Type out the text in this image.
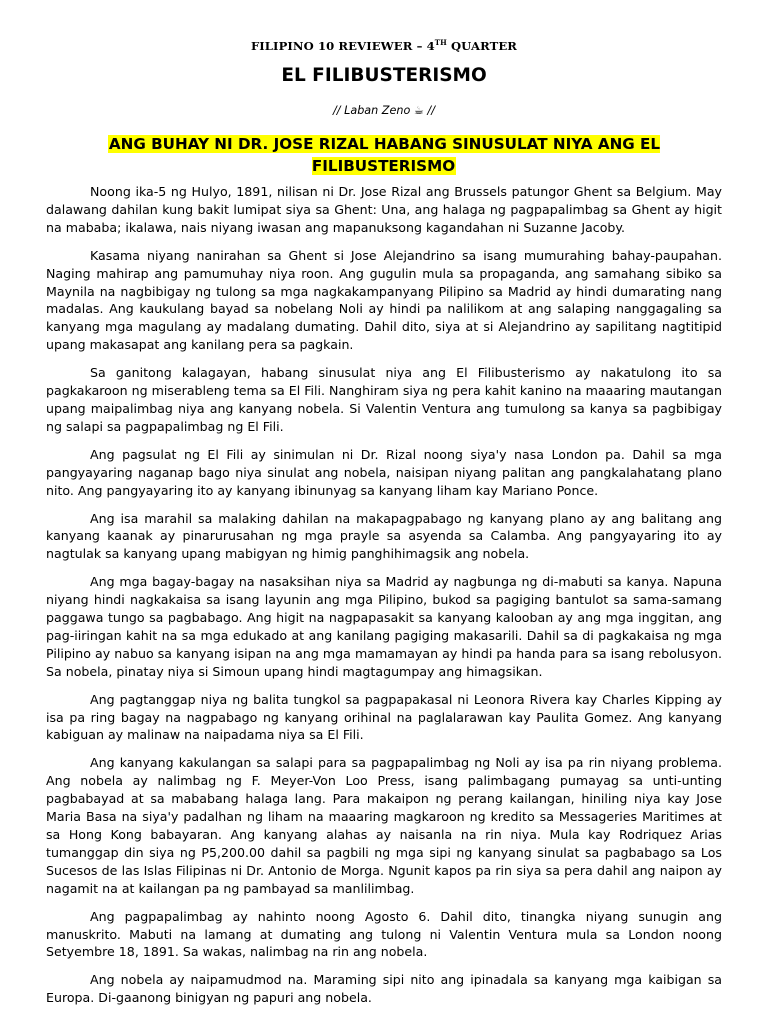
FILIPINO 10 REVIEWER – 4TH QUARTER

EL FILIBUSTERISMO

// Laban Zeno ☕ //

ANG BUHAY NI DR. JOSE RIZAL HABANG SINUSULAT NIYA ANG EL FILIBUSTERISMO

Noong ika-5 ng Hulyo, 1891, nilisan ni Dr. Jose Rizal ang Brussels patungor Ghent sa Belgium. May dalawang dahilan kung bakit lumipat siya sa Ghent: Una, ang halaga ng pagpapalimbag sa Ghent ay higit na mababa; ikalawa, nais niyang iwasan ang mapanuksong kagandahan ni Suzanne Jacoby.

Kasama niyang nanirahan sa Ghent si Jose Alejandrino sa isang mumurahing bahay-paupahan. Naging mahirap ang pamumuhay niya roon. Ang gugulin mula sa propaganda, ang samahang sibiko sa Maynila na nagbibigay ng tulong sa mga nagkakampanyang Pilipino sa Madrid ay hindi dumarating nang madalas. Ang kaukulang bayad sa nobelang Noli ay hindi pa nalilikom at ang salaping nanggagaling sa kanyang mga magulang ay madalang dumating. Dahil dito, siya at si Alejandrino ay sapilitang nagtitipid upang makasapat ang kanilang pera sa pagkain.

Sa ganitong kalagayan, habang sinusulat niya ang El Filibusterismo ay nakatulong ito sa pagkakaroon ng miserableng tema sa El Fili. Nanghiram siya ng pera kahit kanino na maaaring mautangan upang maipalimbag niya ang kanyang nobela. Si Valentin Ventura ang tumulong sa kanya sa pagbibigay ng salapi sa pagpapalimbag ng El Fili.

Ang pagsulat ng El Fili ay sinimulan ni Dr. Rizal noong siya'y nasa London pa. Dahil sa mga pangyayaring naganap bago niya sinulat ang nobela, naisipan niyang palitan ang pangkalahatang plano nito. Ang pangyayaring ito ay kanyang ibinunyag sa kanyang liham kay Mariano Ponce.

Ang isa marahil sa malaking dahilan na makapagpabago ng kanyang plano ay ang balitang ang kanyang kaanak ay pinarurusahan ng mga prayle sa asyenda sa Calamba. Ang pangyayaring ito ay nagtulak sa kanyang upang mabigyan ng himig panghihimagsik ang nobela.

Ang mga bagay-bagay na nasaksihan niya sa Madrid ay nagbunga ng di-mabuti sa kanya. Napuna niyang hindi nagkakaisa sa isang layunin ang mga Pilipino, bukod sa pagiging bantulot sa sama-samang paggawa tungo sa pagbabago. Ang higit na nagpapasakit sa kanyang kalooban ay ang mga inggitan, ang pag-iiringan kahit na sa mga edukado at ang kanilang pagiging makasarili. Dahil sa di pagkakaisa ng mga Pilipino ay nabuo sa kanyang isipan na ang mga mamamayan ay hindi pa handa para sa isang rebolusyon. Sa nobela, pinatay niya si Simoun upang hindi magtagumpay ang himagsikan.

Ang pagtanggap niya ng balita tungkol sa pagpapakasal ni Leonora Rivera kay Charles Kipping ay isa pa ring bagay na nagpabago ng kanyang orihinal na paglalarawan kay Paulita Gomez. Ang kanyang kabiguan ay malinaw na naipadama niya sa El Fili.

Ang kanyang kakulangan sa salapi para sa pagpapalimbag ng Noli ay isa pa rin niyang problema. Ang nobela ay nalimbag ng F. Meyer-Von Loo Press, isang palimbagang pumayag sa unti-unting pagbabayad at sa mababang halaga lang. Para makaipon ng perang kailangan, hiniling niya kay Jose Maria Basa na siya'y padalhan ng liham na maaaring magkaroon ng kredito sa Messageries Maritimes at sa Hong Kong babayaran. Ang kanyang alahas ay naisanla na rin niya. Mula kay Rodriquez Arias tumanggap din siya ng P5,200.00 dahil sa pagbili ng mga sipi ng kanyang sinulat sa pagbabago sa Los Sucesos de las Islas Filipinas ni Dr. Antonio de Morga. Ngunit kapos pa rin siya sa pera dahil ang naipon ay nagamit na at kailangan pa ng pambayad sa manlilimbag.

Ang pagpapalimbag ay nahinto noong Agosto 6. Dahil dito, tinangka niyang sunugin ang manuskrito. Mabuti na lamang at dumating ang tulong ni Valentin Ventura mula sa London noong Setyembre 18, 1891. Sa wakas, nalimbag na rin ang nobela.

Ang nobela ay naipamudmod na. Maraming sipi nito ang ipinadala sa kanyang mga kaibigan sa Europa. Di-gaanong binigyan ng papuri ang nobela.
